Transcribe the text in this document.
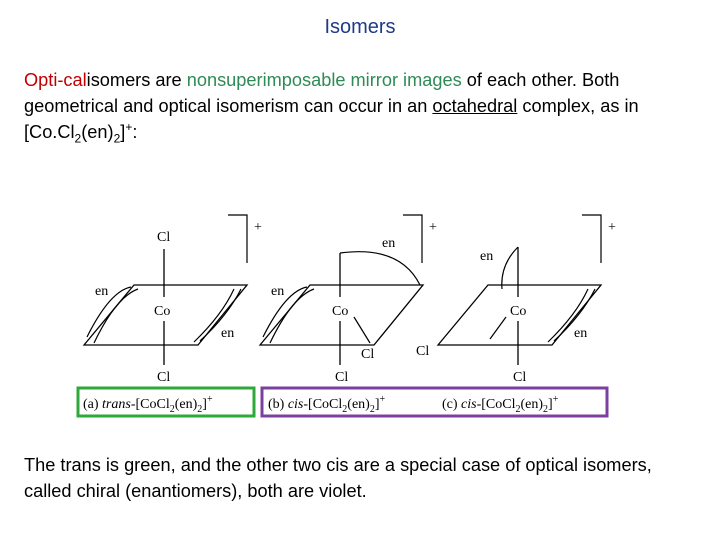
Isomers
Opti-calisomers are nonsuperimposable mirror images of each other. Both geometrical and optical isomerism can occur in an octahedral complex, as in $[Co.Cl_2(en)_2]^+$:
+
Cl
Co
en
en
Cl
+
en
Co
en
Cl
Cl
+
en
Co
Cl
en
Cl
(a) trans-$[CoCl_2(en)_2]^+$	(b) cis-$[CoCl_2(en)_2]^+$	(c) cis-$[CoCl_2(en)_2]^+$
The trans is green, and the other two cis are a special case of optical isomers, called chiral (enantiomers), both are violet.
